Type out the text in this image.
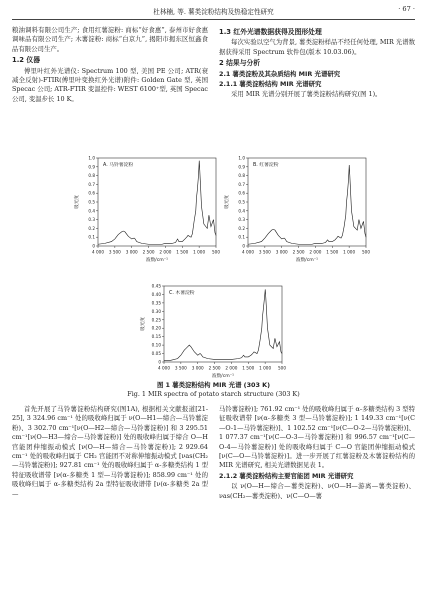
杜林楠, 等. 薯类淀粉结构及热稳定性研究	· 67 ·

粮油调料有限公司生产; 食用红薯淀粉: 商标“好食惠”, 泰州市好食惠调味品有限公司生产; 木薯淀粉: 商标“白京九”, 揭阳市揭东区恒鑫食品有限公司生产。

1.2 仪器

傅里叶红外光谱仪: Spectrum 100 型, 美国 PE 公司; ATR(衰减全反射)-FTIR(傅里叶变换红外光谱)附件: Golden Gate 型, 英国 Specac 公司; ATR-FTIR 变温控件: WEST 6100⁺型, 英国 Specac 公司, 变温步长 10 K。

1.3 红外光谱数据获得及图形处理

每次实验以空气为背景, 薯类淀粉样品不经任何处理, MIR 光谱数据获得采用 Spectrum 软件包(版本 10.03.06)。

2 结果与分析
2.1 薯类淀粉及其杂质结构 MIR 光谱研究
2.1.1 薯类淀粉结构 MIR 光谱研究

采用 MIR 光谱分别开展了薯类淀粉结构研究(图 1)。

4 000 3 500 3 000 2 500 2 000 1 500 1 000 500
0
0.1
0.2
0.3
0.4
0.5
0.6
0.7
0.8
0.9
1.0
波数/cm⁻¹
吸光度
A. 马铃薯淀粉
4 000 3 500 3 000 2 500 2 000 1 500 1 000 500
0
0.1
0.2
0.3
0.4
0.5
0.6
0.7
0.8
0.9
1.0
波数/cm⁻¹
吸光度
B. 红薯淀粉
4 000 3 500 3 000 2 500 2 000 1 500 1 000 500
0
0.05
0.10
0.15
0.20
0.25
0.30
0.35
0.40
0.45
波数/cm⁻¹
吸光度
C. 木薯淀粉
图 1 薯类淀粉结构 MIR 光谱 (303 K)
Fig. 1 MIR spectra of potato starch structure (303 K)

首先开展了马铃薯淀粉结构研究(图1A), 根据相关文献报道[21-25], 3 324.96 cm⁻¹ 处的吸收峰归属于 ν(O—H1—缔合—马铃薯淀粉)、3 302.70 cm⁻¹[ν(O—H2—缔合—马铃薯淀粉)] 和 3 295.51 cm⁻¹[ν(O—H3—缔合—马铃薯淀粉)] 处的吸收峰归属于缔合 O—H 官能团伸缩振动模式 [ν(O—H—缔合—马铃薯淀粉)]; 2 929.64 cm⁻¹ 处的吸收峰归属于 CH₂ 官能团不对称伸缩振动模式 [νas(CH₂—马铃薯淀粉)]; 927.81 cm⁻¹ 处的吸收峰归属于 α-多糖类结构 1 型特征吸收谱带 [ν(α-多糖类 1 型—马铃薯淀粉)]; 858.99 cm⁻¹ 处的吸收峰归属于 α-多糖类结构 2a 型特征吸收谱带 [ν(α-多糖类 2a 型—

马铃薯淀粉)]; 761.92 cm⁻¹ 处的吸收峰归属于 α-多糖类结构 3 型特征吸收谱带 [ν(α-多糖类 3 型—马铃薯淀粉)]; 1 149.33 cm⁻¹[ν(C—O-1—马铃薯淀粉)]、1 102.52 cm⁻¹[ν(C—O-2—马铃薯淀粉)]、1 077.37 cm⁻¹[ν(C—O-3—马铃薯淀粉)] 和 996.57 cm⁻¹[ν(C—O-4—马铃薯淀粉)] 处的吸收峰归属于 C—O 官能团伸缩振动模式 [ν(C—O—马铃薯淀粉)]。进一步开展了红薯淀粉及木薯淀粉结构的 MIR 光谱研究, 相关光谱数据见表 1。

2.1.2 薯类淀粉结构主要官能团 MIR 光谱研究

以 ν(O—H—缔合—薯类淀粉)、ν(O—H—游离—薯类淀粉)、νas(CH₂—薯类淀粉)、ν(C—O—薯
